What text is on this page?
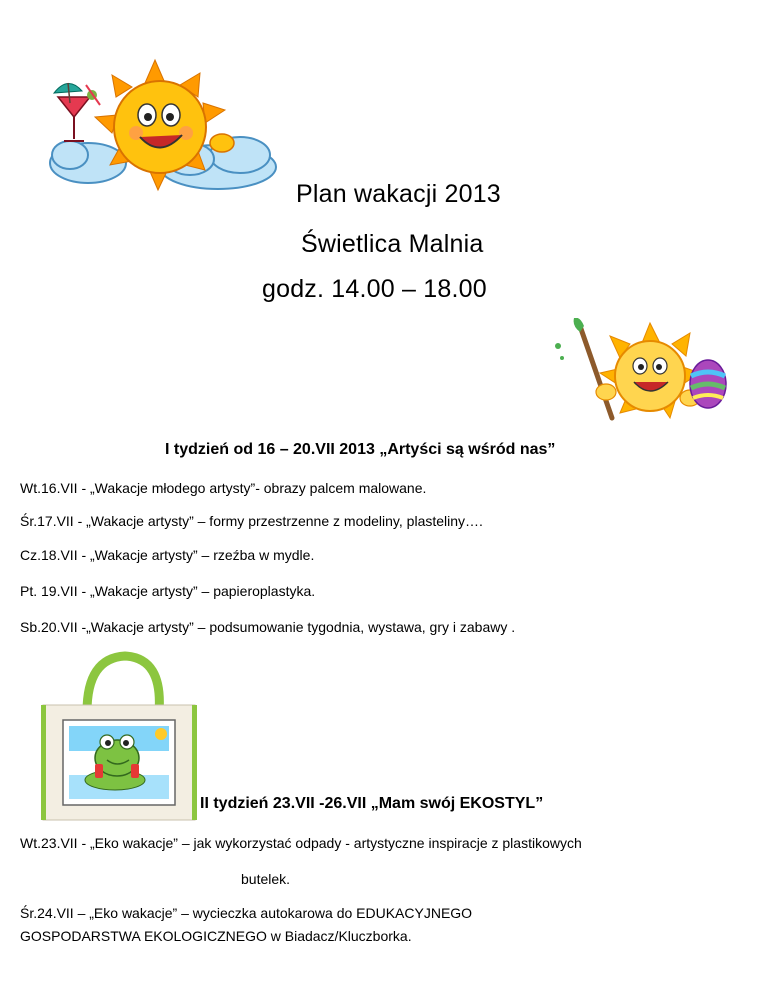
Plan wakacji 2013
Świetlica Malnia
godz. 14.00 – 18.00
I tydzień od 16 – 20.VII 2013 „Artyści są wśród nas”
Wt.16.VII - „Wakacje młodego artysty”- obrazy palcem malowane.
Śr.17.VII - „Wakacje artysty” – formy przestrzenne z modeliny, plasteliny….
Cz.18.VII - „Wakacje artysty” – rzeźba w mydle.
Pt. 19.VII - „Wakacje artysty” – papieroplastyka.
Sb.20.VII -„Wakacje artysty” – podsumowanie tygodnia, wystawa, gry i zabawy .
II tydzień 23.VII -26.VII „Mam swój EKOSTYL”
Wt.23.VII - „Eko wakacje” – jak wykorzystać odpady - artystyczne inspiracje z plastikowych
butelek.
Śr.24.VII – „Eko wakacje” – wycieczka autokarowa do EDUKACYJNEGO
GOSPODARSTWA EKOLOGICZNEGO w Biadacz/Kluczborka.
